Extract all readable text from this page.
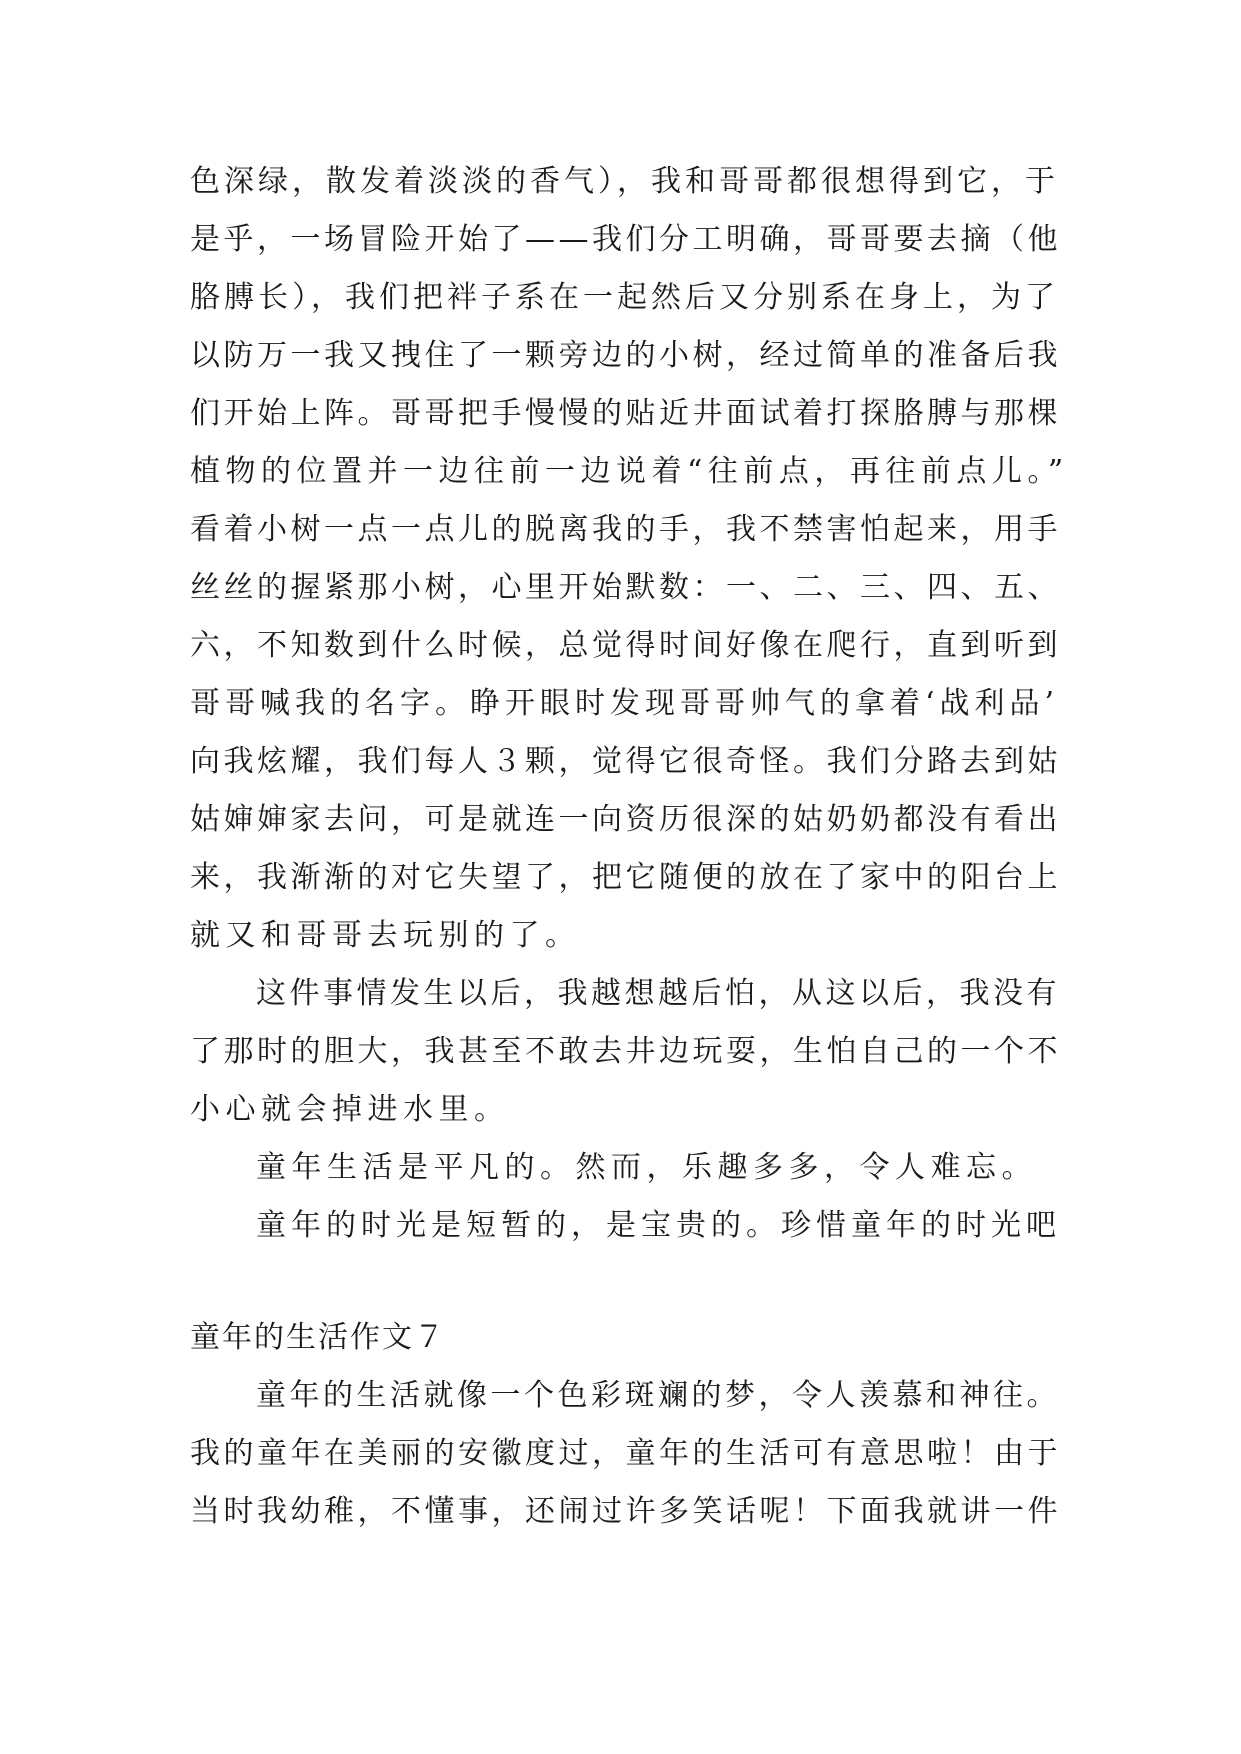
色深绿，散发着淡淡的香气），我和哥哥都很想得到它，于
是乎，一场冒险开始了——我们分工明确，哥哥要去摘（他
胳膊长），我们把袢子系在一起然后又分别系在身上，为了
以防万一我又拽住了一颗旁边的小树，经过简单的准备后我
们开始上阵。哥哥把手慢慢的贴近井面试着打探胳膊与那棵
植物的位置并一边往前一边说着“往前点，再往前点儿。”
看着小树一点一点儿的脱离我的手，我不禁害怕起来，用手
丝丝的握紧那小树，心里开始默数：一、二、三、四、五、
六，不知数到什么时候，总觉得时间好像在爬行，直到听到
哥哥喊我的名字。睁开眼时发现哥哥帅气的拿着‘战利品’
向我炫耀，我们每人３颗，觉得它很奇怪。我们分路去到姑
姑婶婶家去问，可是就连一向资历很深的姑奶奶都没有看出
来，我渐渐的对它失望了，把它随便的放在了家中的阳台上
就又和哥哥去玩别的了。
这件事情发生以后，我越想越后怕，从这以后，我没有
了那时的胆大，我甚至不敢去井边玩耍，生怕自己的一个不
小心就会掉进水里。
童年生活是平凡的。然而，乐趣多多，令人难忘。
童年的时光是短暂的，是宝贵的。珍惜童年的时光吧
童年的生活作文７
童年的生活就像一个色彩斑斓的梦，令人羡慕和神往。
我的童年在美丽的安徽度过，童年的生活可有意思啦！由于
当时我幼稚，不懂事，还闹过许多笑话呢！下面我就讲一件
